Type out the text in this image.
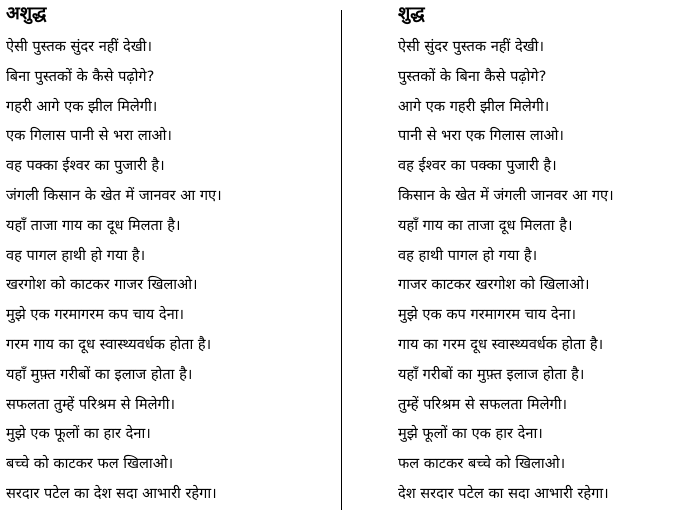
अशुद्ध
ऐसी पुस्तक सुंदर नहीं देखी।
बिना पुस्तकों के कैसे पढ़ोगे?
गहरी आगे एक झील मिलेगी।
एक गिलास पानी से भरा लाओ।
वह पक्का ईश्वर का पुजारी है।
जंगली किसान के खेत में जानवर आ गए।
यहाँ ताजा गाय का दूध मिलता है।
वह पागल हाथी हो गया है।
खरगोश को काटकर गाजर खिलाओ।
मुझे एक गरमागरम कप चाय देना।
गरम गाय का दूध स्वास्थ्यवर्धक होता है।
यहाँ मुफ़्त गरीबों का इलाज होता है।
सफलता तुम्हें परिश्रम से मिलेगी।
मुझे एक फूलों का हार देना।
बच्चे को काटकर फल खिलाओ।
सरदार पटेल का देश सदा आभारी रहेगा।
शुद्ध
ऐसी सुंदर पुस्तक नहीं देखी।
पुस्तकों के बिना कैसे पढ़ोगे?
आगे एक गहरी झील मिलेगी।
पानी से भरा एक गिलास लाओ।
वह ईश्वर का पक्का पुजारी है।
किसान के खेत में जंगली जानवर आ गए।
यहाँ गाय का ताजा दूध मिलता है।
वह हाथी पागल हो गया है।
गाजर काटकर खरगोश को खिलाओ।
मुझे एक कप गरमागरम चाय देना।
गाय का गरम दूध स्वास्थ्यवर्धक होता है।
यहाँ गरीबों का मुफ़्त इलाज होता है।
तुम्हें परिश्रम से सफलता मिलेगी।
मुझे फूलों का एक हार देना।
फल काटकर बच्चे को खिलाओ।
देश सरदार पटेल का सदा आभारी रहेगा।
